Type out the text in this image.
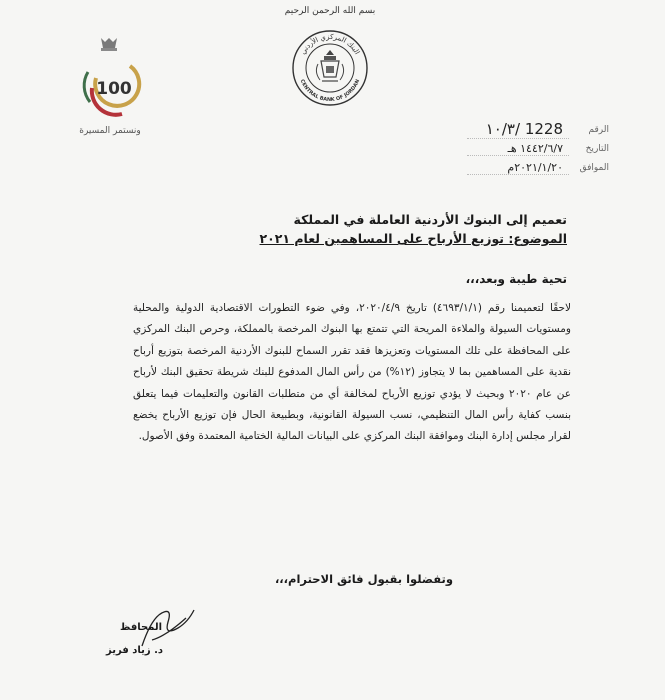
بسم الله الرحمن الرحيم
البنك المركزي الأردني
CENTRAL BANK OF JORDAN
100
ونستمر المسيرة	الرقم
1228 /١٠/٣
التاريخ
١٤٤٢/٦/٧ هـ
الموافق
٢٠٢١/١/٢٠م
تعميم إلى البنوك الأردنية العاملة في المملكة
الموضوع: توزيع الأرباح على المساهمين لعام ٢٠٢١
تحية طيبة وبعد،،،

لاحقًا لتعميمنا رقم (٤٦٩٣/١/١) تاريخ ٢٠٢٠/٤/٩، وفي ضوء التطورات الاقتصادية الدولية والمحلية ومستويات السيولة والملاءة المريحة التي تتمتع بها البنوك المرخصة بالمملكة، وحرص البنك المركزي على المحافظة على تلك المستويات وتعزيزها فقد تقرر السماح للبنوك الأردنية المرخصة بتوزيع أرباح نقدية على المساهمين بما لا يتجاوز (١٢%) من رأس المال المدفوع للبنك شريطة تحقيق البنك لأرباح عن عام ٢٠٢٠ وبحيث لا يؤدي توزيع الأرباح لمخالفة أي من متطلبات القانون والتعليمات فيما يتعلق بنسب كفاية رأس المال التنظيمي، نسب السيولة القانونية، وبطبيعة الحال فإن توزيع الأرباح يخضع لقرار مجلس إدارة البنك وموافقة البنك المركزي على البيانات المالية الختامية المعتمدة وفق الأصول.

وتفضلوا بقبول فائق الاحترام،،،
المحافظ
د. زياد فريز
